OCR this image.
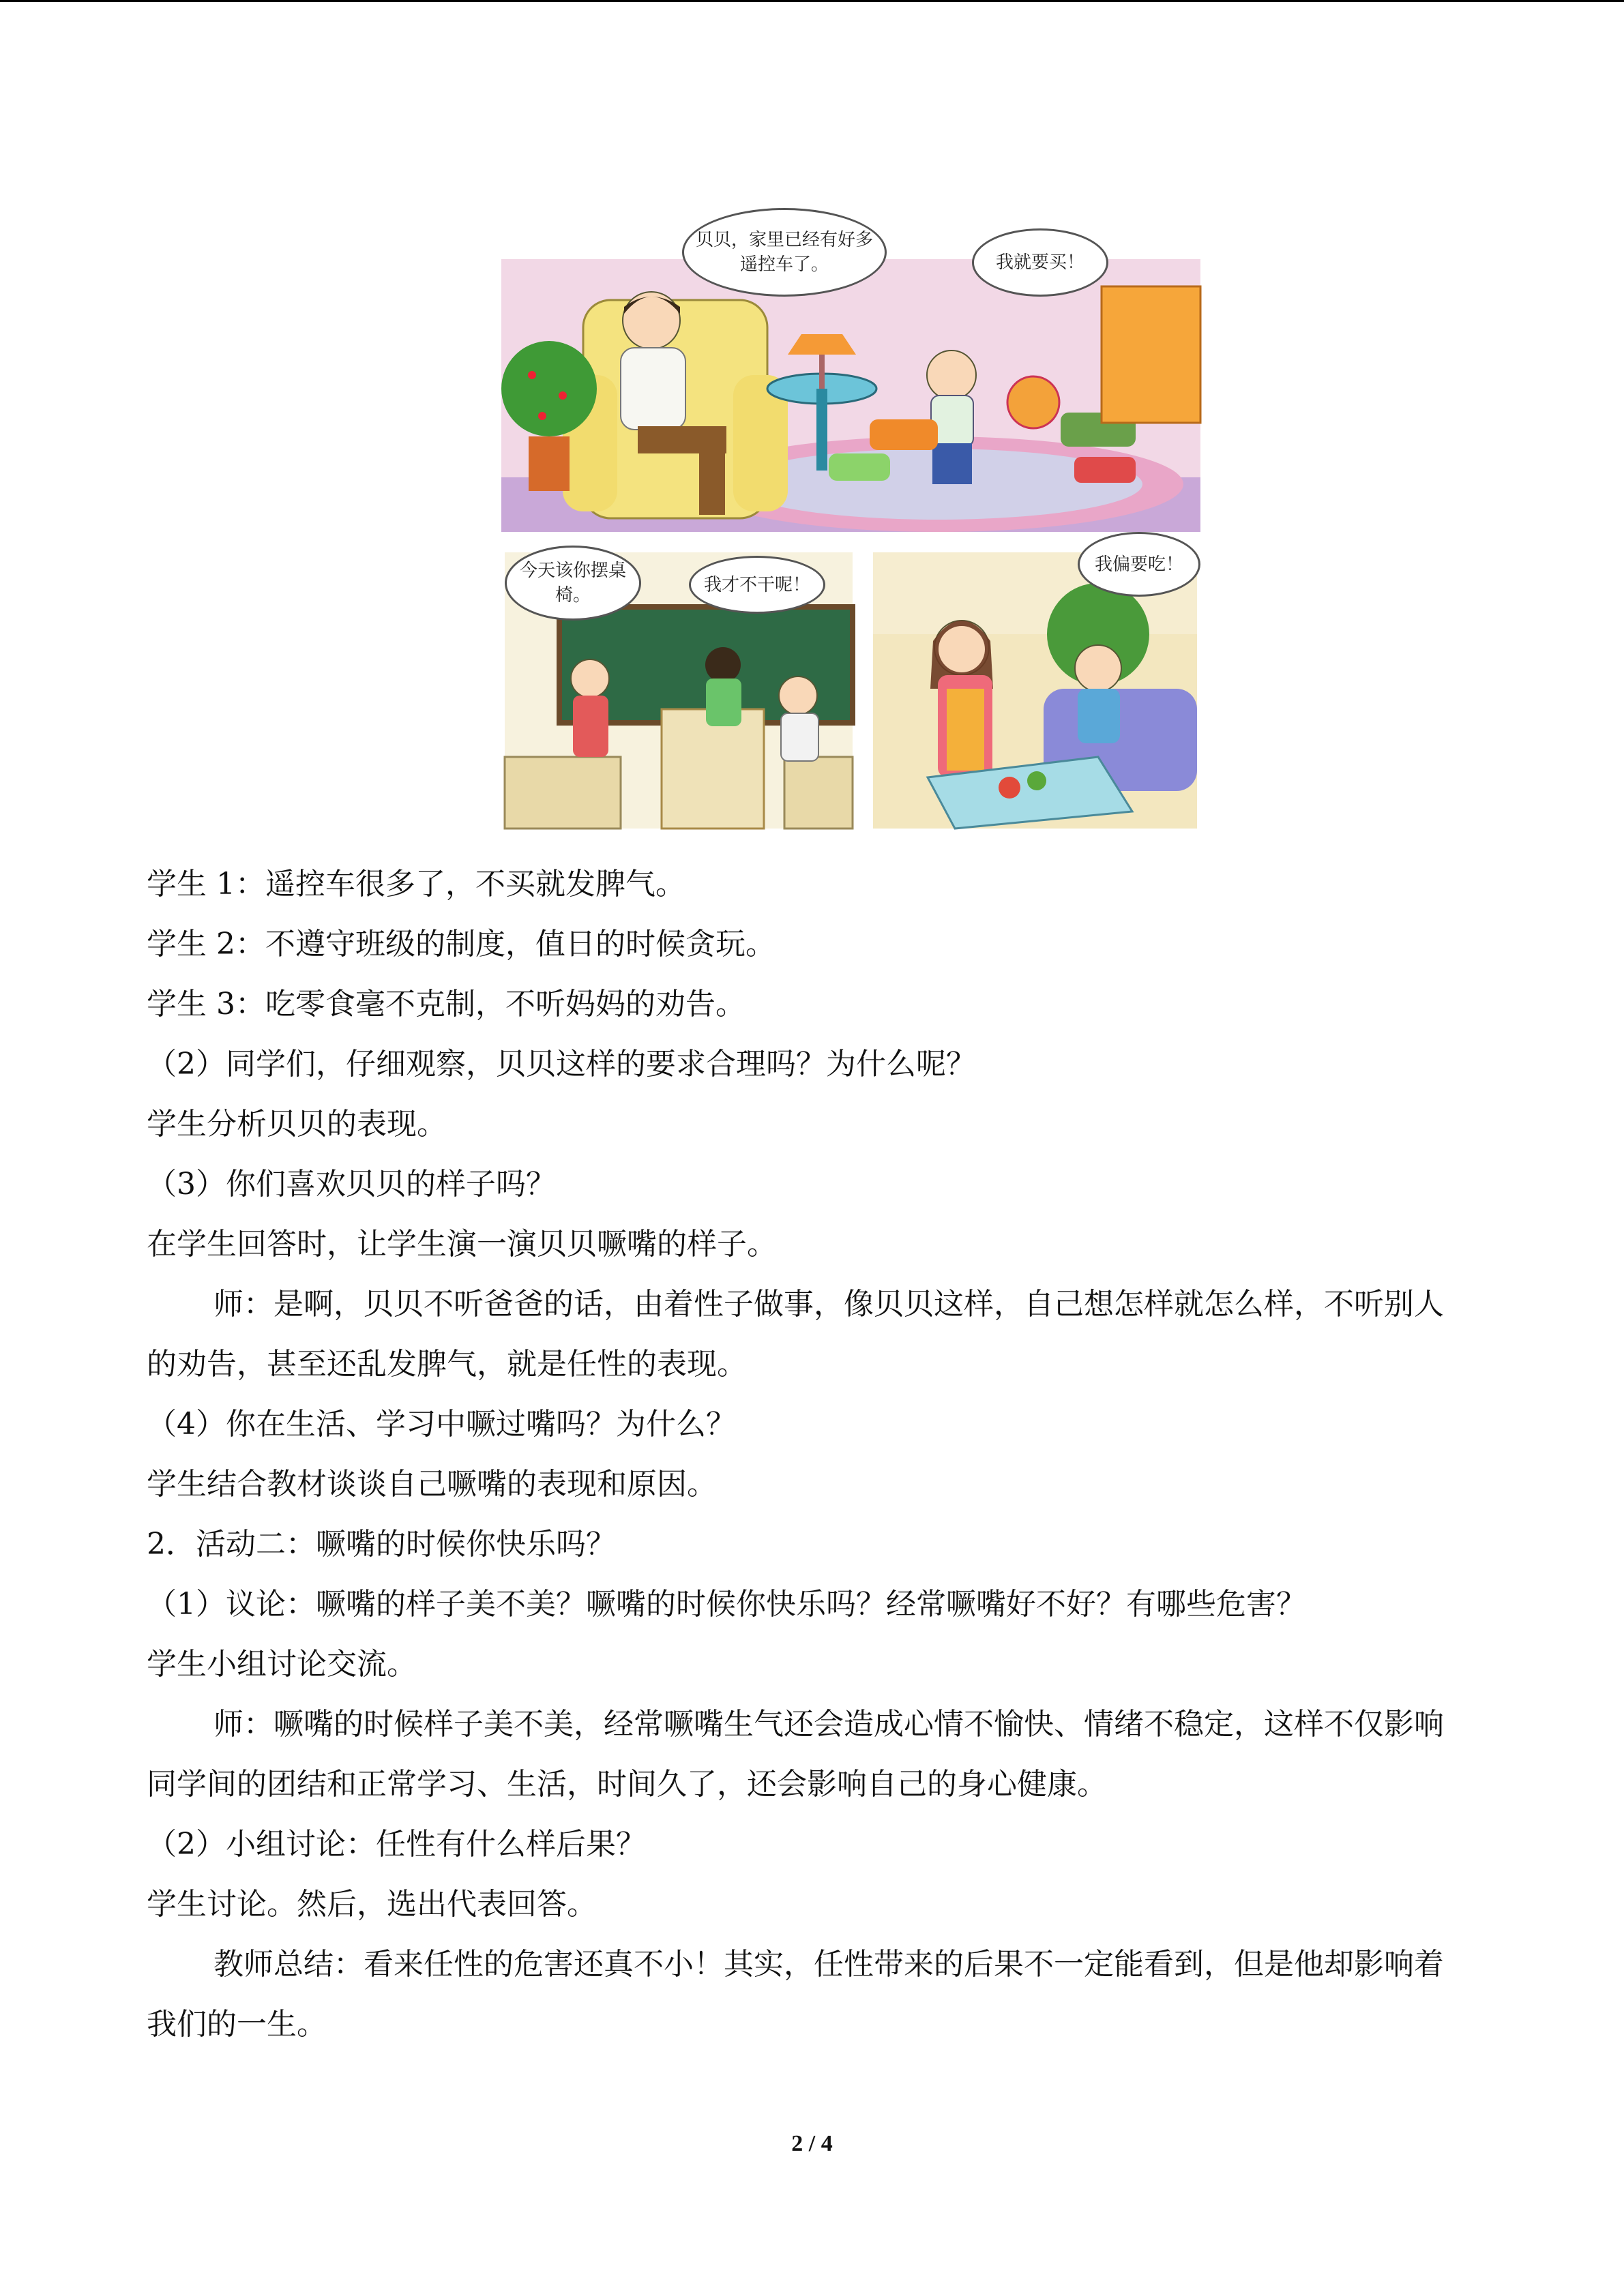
贝贝，家里已经有好多遥控车了。	我就要买！
今天该你摆桌椅。
我才不干呢！
我偏要吃！

学生 1：遥控车很多了，不买就发脾气。

学生 2：不遵守班级的制度，值日的时候贪玩。

学生 3：吃零食毫不克制，不听妈妈的劝告。

（2）同学们，仔细观察，贝贝这样的要求合理吗？为什么呢？

学生分析贝贝的表现。

（3）你们喜欢贝贝的样子吗？

在学生回答时，让学生演一演贝贝噘嘴的样子。

师：是啊，贝贝不听爸爸的话，由着性子做事，像贝贝这样，自己想怎样就怎么样，不听别人的劝告，甚至还乱发脾气，就是任性的表现。

（4）你在生活、学习中噘过嘴吗？为什么？

学生结合教材谈谈自己噘嘴的表现和原因。

2．活动二：噘嘴的时候你快乐吗？

（1）议论：噘嘴的样子美不美？噘嘴的时候你快乐吗？经常噘嘴好不好？有哪些危害？

学生小组讨论交流。

师：噘嘴的时候样子美不美，经常噘嘴生气还会造成心情不愉快、情绪不稳定，这样不仅影响同学间的团结和正常学习、生活，时间久了，还会影响自己的身心健康。

（2）小组讨论：任性有什么样后果？

学生讨论。然后，选出代表回答。

教师总结：看来任性的危害还真不小！其实，任性带来的后果不一定能看到，但是他却影响着我们的一生。

2 / 4
